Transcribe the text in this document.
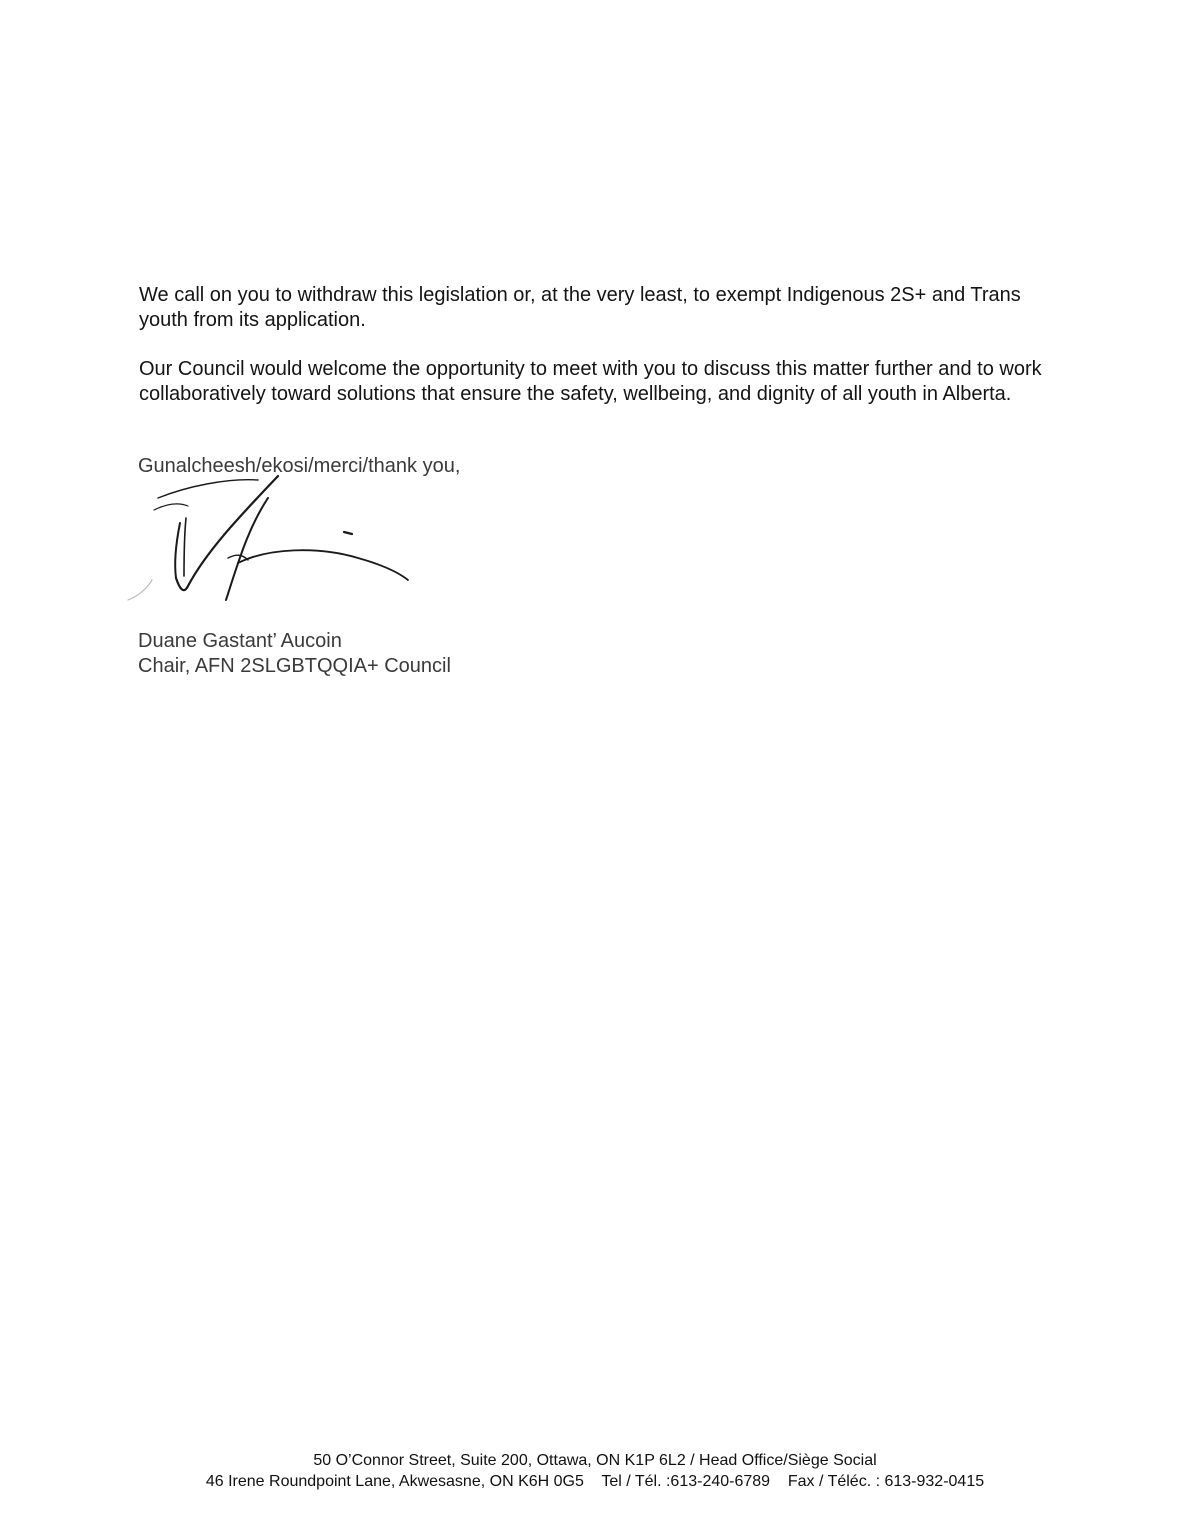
We call on you to withdraw this legislation or, at the very least, to exempt Indigenous 2S+ and Trans youth from its application.

Our Council would welcome the opportunity to meet with you to discuss this matter further and to work collaboratively toward solutions that ensure the safety, wellbeing, and dignity of all youth in Alberta.

Gunalcheesh/ekosi/merci/thank you,

Duane Gastant’ Aucoin

Chair, AFN 2SLGBTQQIA+ Council

50 O’Connor Street, Suite 200, Ottawa, ON K1P 6L2 / Head Office/Siège Social
46 Irene Roundpoint Lane, Akwesasne, ON K6H 0G5    Tel / Tél. :613-240-6789    Fax / Téléc. : 613-932-0415
